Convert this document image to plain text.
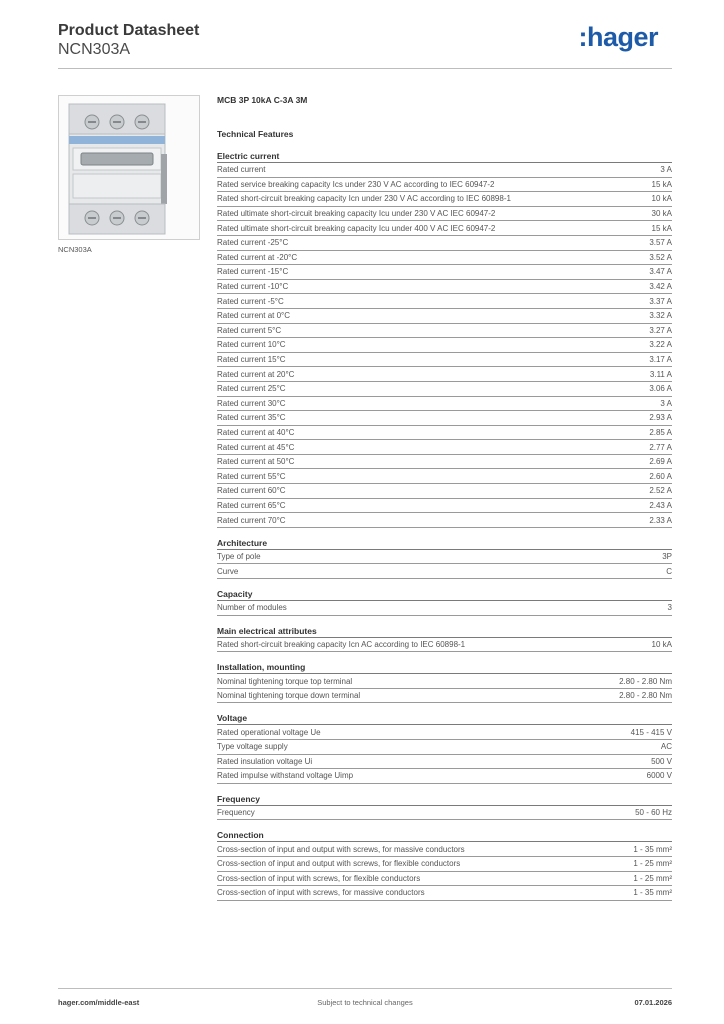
Product Datasheet
NCN303A	:hager
NCN303A
MCB 3P 10kA C-3A 3M
Technical Features
Electric current
Rated current	3 A
Rated service breaking capacity Ics under 230 V AC according to IEC 60947-2	15 kA
Rated short-circuit breaking capacity Icn under 230 V AC according to IEC 60898-1	10 kA
Rated ultimate short-circuit breaking capacity Icu under 230 V AC IEC 60947-2	30 kA
Rated ultimate short-circuit breaking capacity Icu under 400 V AC IEC 60947-2	15 kA
Rated current -25°C	3.57 A
Rated current at -20°C	3.52 A
Rated current -15°C	3.47 A
Rated current -10°C	3.42 A
Rated current -5°C	3.37 A
Rated current at 0°C	3.32 A
Rated current 5°C	3.27 A
Rated current 10°C	3.22 A
Rated current 15°C	3.17 A
Rated current at 20°C	3.11 A
Rated current 25°C	3.06 A
Rated current 30°C	3 A
Rated current 35°C	2.93 A
Rated current at 40°C	2.85 A
Rated current at 45°C	2.77 A
Rated current at 50°C	2.69 A
Rated current 55°C	2.60 A
Rated current 60°C	2.52 A
Rated current 65°C	2.43 A
Rated current 70°C	2.33 A
Architecture
Type of pole	3P
Curve	C
Capacity
Number of modules	3
Main electrical attributes
Rated short-circuit breaking capacity Icn AC according to IEC 60898-1	10 kA
Installation, mounting
Nominal tightening torque top terminal	2.80 - 2.80 Nm
Nominal tightening torque down terminal	2.80 - 2.80 Nm
Voltage
Rated operational voltage Ue	415 - 415 V
Type voltage supply	AC
Rated insulation voltage Ui	500 V
Rated impulse withstand voltage Uimp	6000 V
Frequency
Frequency	50 - 60 Hz
Connection
Cross-section of input and output with screws, for massive conductors	1 - 35 mm²
Cross-section of input and output with screws, for flexible conductors	1 - 25 mm²
Cross-section of input with screws, for flexible conductors	1 - 25 mm²
Cross-section of input with screws, for massive conductors	1 - 35 mm²
hager.com/middle-east	Subject to technical changes	07.01.2026
